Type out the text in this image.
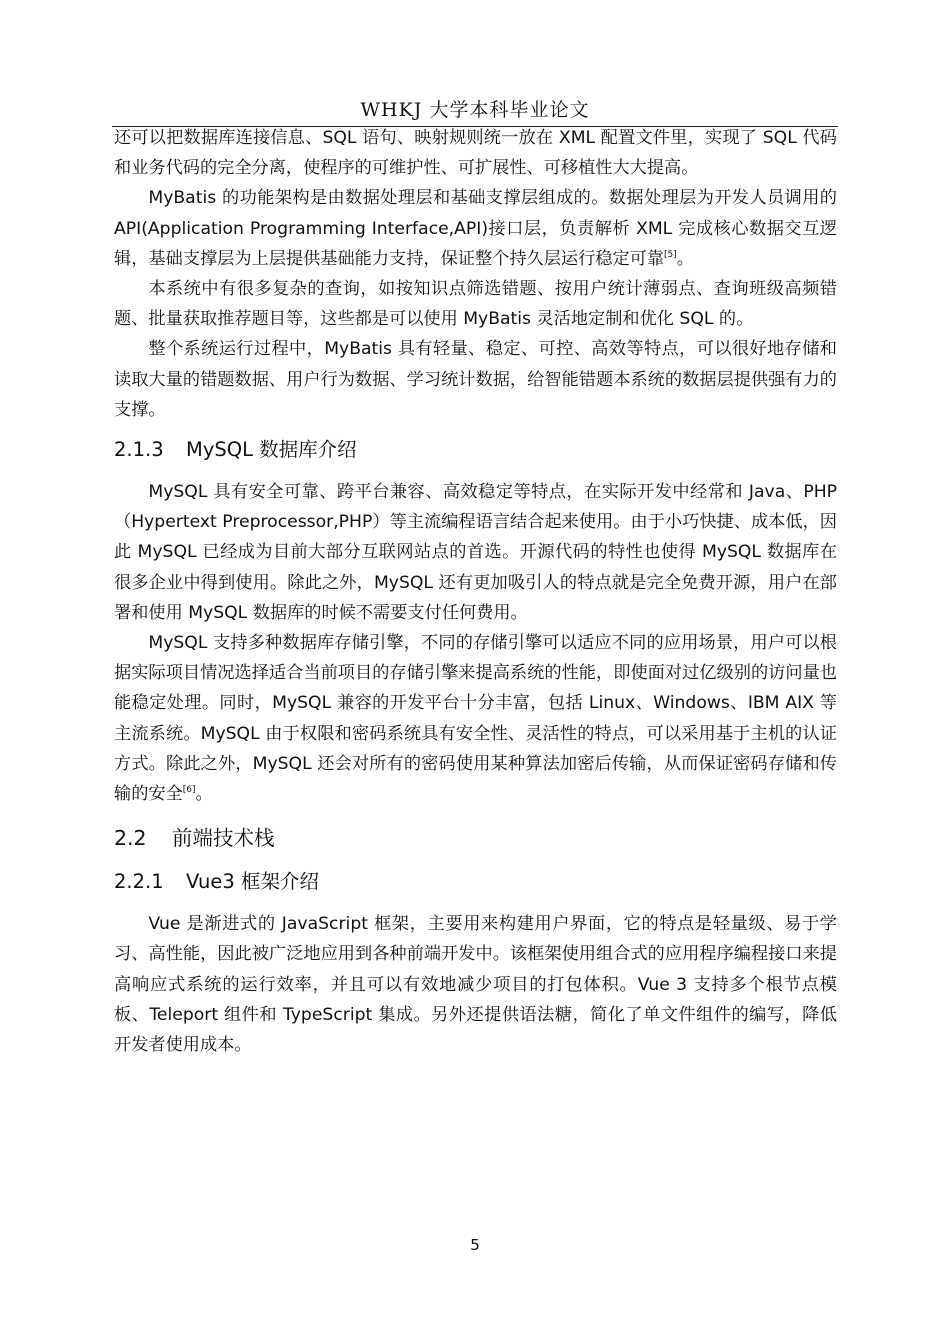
WHKJ 大学本科毕业论文

还可以把数据库连接信息、SQL 语句、映射规则统一放在 XML 配置文件里，实现了 SQL 代码和业务代码的完全分离，使程序的可维护性、可扩展性、可移植性大大提高。

MyBatis 的功能架构是由数据处理层和基础支撑层组成的。数据处理层为开发人员调用的 API(Application Programming Interface,API)接口层，负责解析 XML 完成核心数据交互逻辑，基础支撑层为上层提供基础能力支持，保证整个持久层运行稳定可靠[5]。

本系统中有很多复杂的查询，如按知识点筛选错题、按用户统计薄弱点、查询班级高频错题、批量获取推荐题目等，这些都是可以使用 MyBatis 灵活地定制和优化 SQL 的。

整个系统运行过程中，MyBatis 具有轻量、稳定、可控、高效等特点，可以很好地存储和读取大量的错题数据、用户行为数据、学习统计数据，给智能错题本系统的数据层提供强有力的支撑。

2.1.3 MySQL 数据库介绍

MySQL 具有安全可靠、跨平台兼容、高效稳定等特点，在实际开发中经常和 Java、PHP（Hypertext Preprocessor,PHP）等主流编程语言结合起来使用。由于小巧快捷、成本低，因此 MySQL 已经成为目前大部分互联网站点的首选。开源代码的特性也使得 MySQL 数据库在很多企业中得到使用。除此之外，MySQL 还有更加吸引人的特点就是完全免费开源，用户在部署和使用 MySQL 数据库的时候不需要支付任何费用。

MySQL 支持多种数据库存储引擎，不同的存储引擎可以适应不同的应用场景，用户可以根据实际项目情况选择适合当前项目的存储引擎来提高系统的性能，即使面对过亿级别的访问量也能稳定处理。同时，MySQL 兼容的开发平台十分丰富，包括 Linux、Windows、IBM AIX 等主流系统。MySQL 由于权限和密码系统具有安全性、灵活性的特点，可以采用基于主机的认证方式。除此之外，MySQL 还会对所有的密码使用某种算法加密后传输，从而保证密码存储和传输的安全[6]。

2.2 前端技术栈
2.2.1 Vue3 框架介绍

Vue 是渐进式的 JavaScript 框架，主要用来构建用户界面，它的特点是轻量级、易于学习、高性能，因此被广泛地应用到各种前端开发中。该框架使用组合式的应用程序编程接口来提高响应式系统的运行效率，并且可以有效地减少项目的打包体积。Vue 3 支持多个根节点模板、Teleport 组件和 TypeScript 集成。另外还提供语法糖，简化了单文件组件的编写，降低开发者使用成本。

5
